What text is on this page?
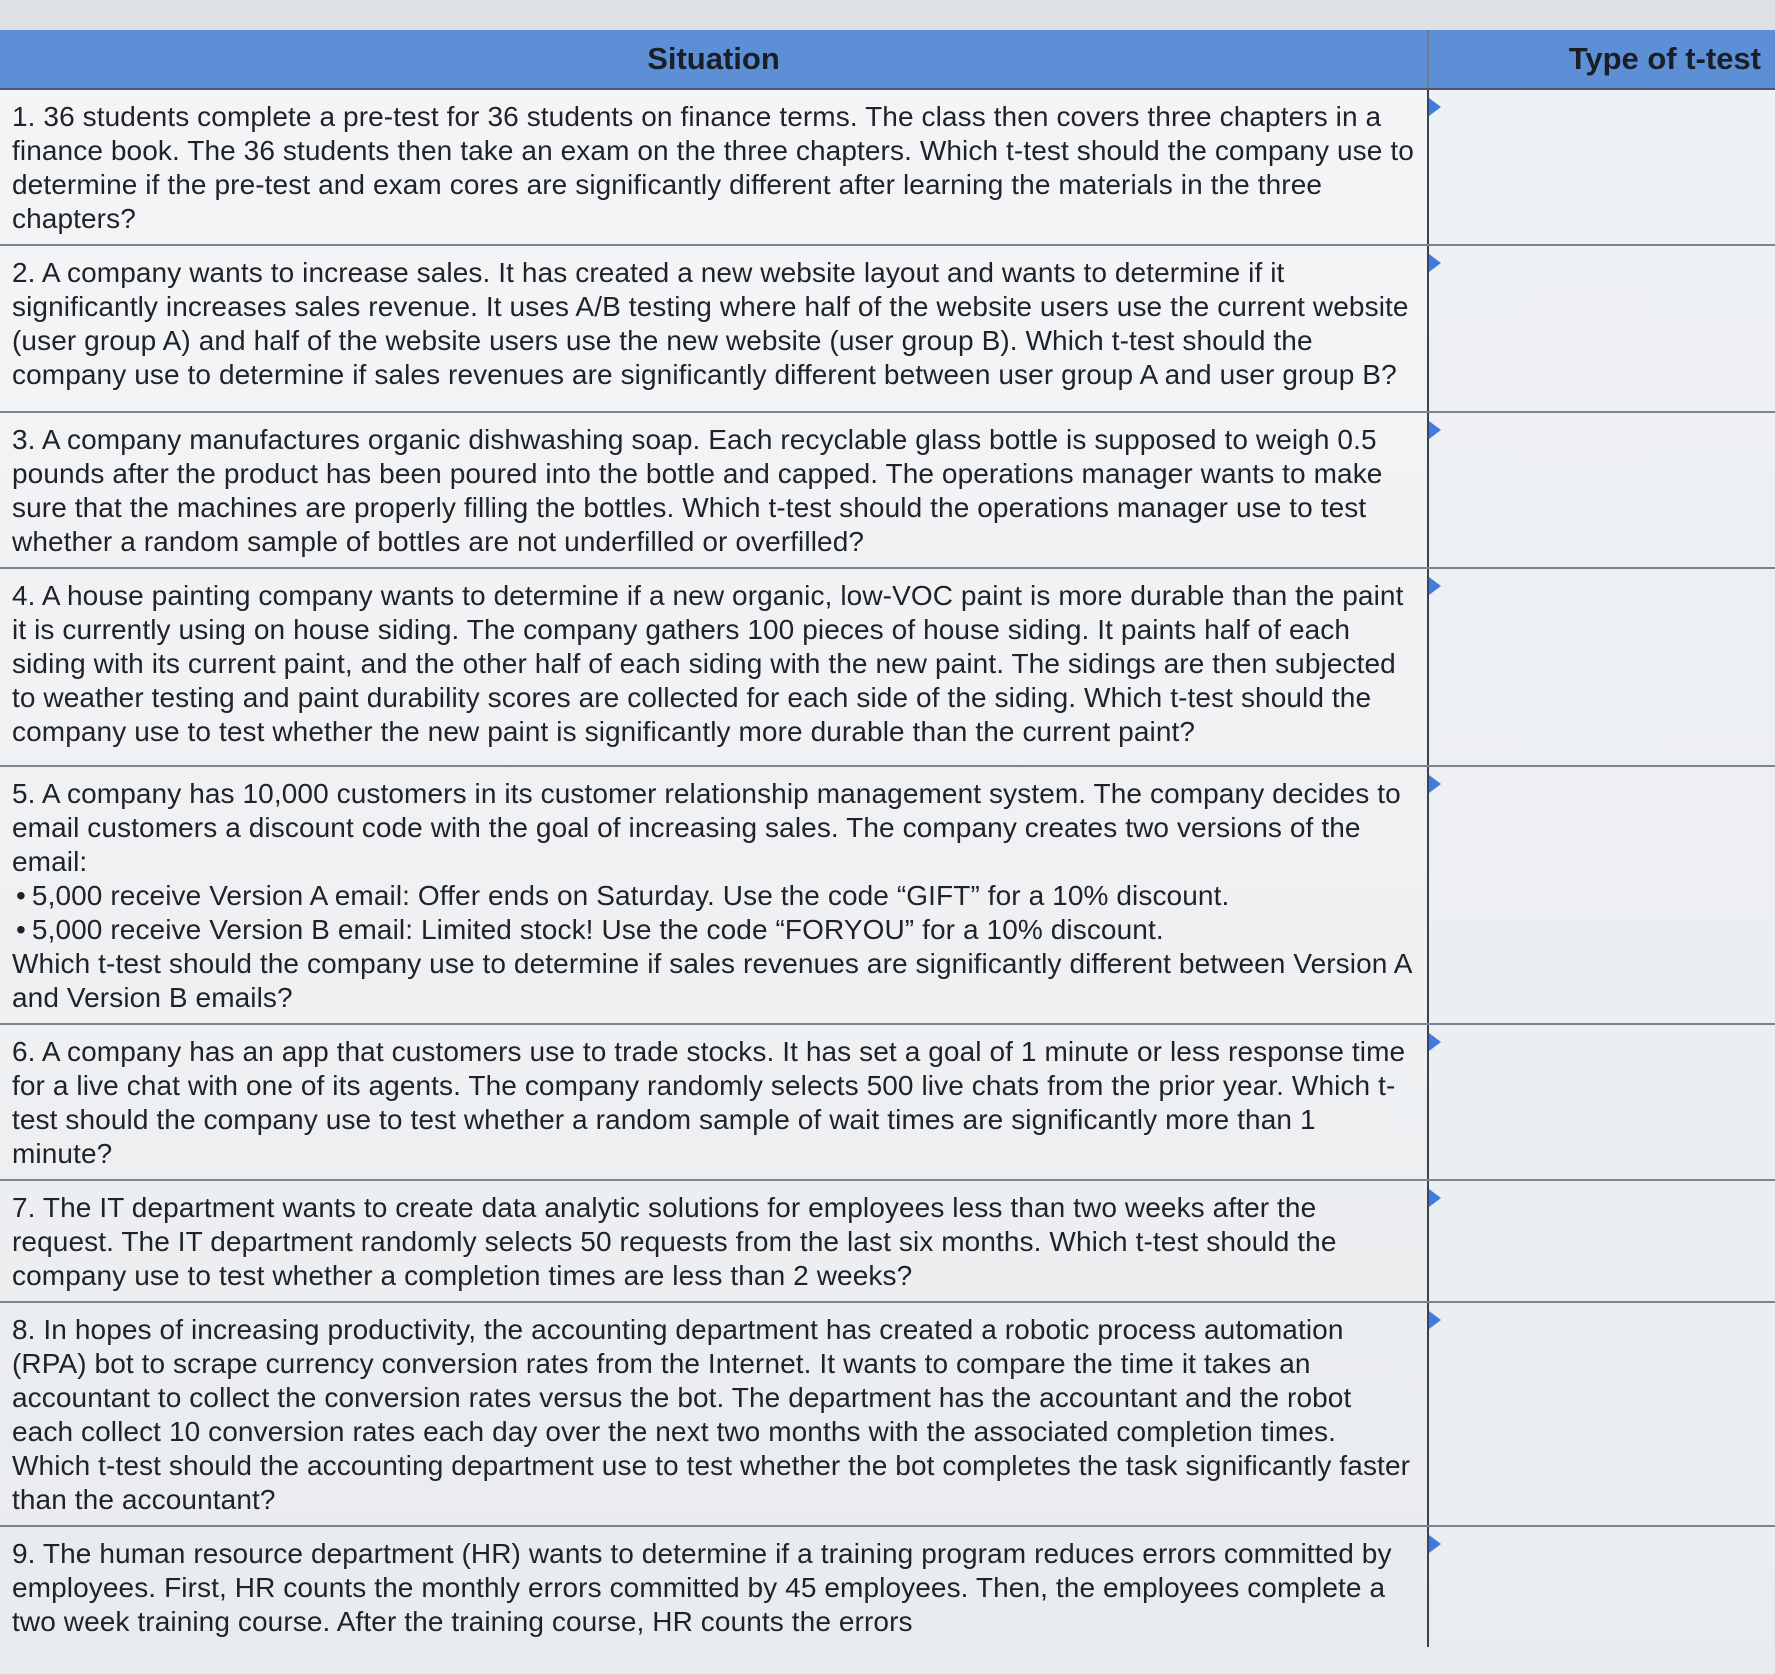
Situation	Type of t-test

1. 36 students complete a pre-test for 36 students on finance terms. The class then covers three chapters in a finance book. The 36 students then take an exam on the three chapters. Which t-test should the company use to determine if the pre-test and exam cores are significantly different after learning the materials in the three chapters?	

2. A company wants to increase sales. It has created a new website layout and wants to determine if it significantly increases sales revenue. It uses A/B testing where half of the website users use the current website (user group A) and half of the website users use the new website (user group B). Which t-test should the company use to determine if sales revenues are significantly different between user group A and user group B?	

3. A company manufactures organic dishwashing soap. Each recyclable glass bottle is supposed to weigh 0.5 pounds after the product has been poured into the bottle and capped. The operations manager wants to make sure that the machines are properly filling the bottles. Which t-test should the operations manager use to test whether a random sample of bottles are not underfilled or overfilled?	

4. A house painting company wants to determine if a new organic, low-VOC paint is more durable than the paint it is currently using on house siding. The company gathers 100 pieces of house siding. It paints half of each siding with its current paint, and the other half of each siding with the new paint. The sidings are then subjected to weather testing and paint durability scores are collected for each side of the siding. Which t-test should the company use to test whether the new paint is significantly more durable than the current paint?	

5. A company has 10,000 customers in its customer relationship management system. The company decides to email customers a discount code with the goal of increasing sales. The company creates two versions of the email:
• 5,000 receive Version A email: Offer ends on Saturday. Use the code “GIFT” for a 10% discount.
• 5,000 receive Version B email: Limited stock! Use the code “FORYOU” for a 10% discount.
Which t-test should the company use to determine if sales revenues are significantly different between Version A and Version B emails?	

6. A company has an app that customers use to trade stocks. It has set a goal of 1 minute or less response time for a live chat with one of its agents. The company randomly selects 500 live chats from the prior year. Which t-test should the company use to test whether a random sample of wait times are significantly more than 1 minute?	

7. The IT department wants to create data analytic solutions for employees less than two weeks after the request. The IT department randomly selects 50 requests from the last six months. Which t-test should the company use to test whether a completion times are less than 2 weeks?	

8. In hopes of increasing productivity, the accounting department has created a robotic process automation (RPA) bot to scrape currency conversion rates from the Internet. It wants to compare the time it takes an accountant to collect the conversion rates versus the bot. The department has the accountant and the robot each collect 10 conversion rates each day over the next two months with the associated completion times. Which t-test should the accounting department use to test whether the bot completes the task significantly faster than the accountant?	

9. The human resource department (HR) wants to determine if a training program reduces errors committed by employees. First, HR counts the monthly errors committed by 45 employees. Then, the employees complete a two week training course. After the training course, HR counts the errors	
